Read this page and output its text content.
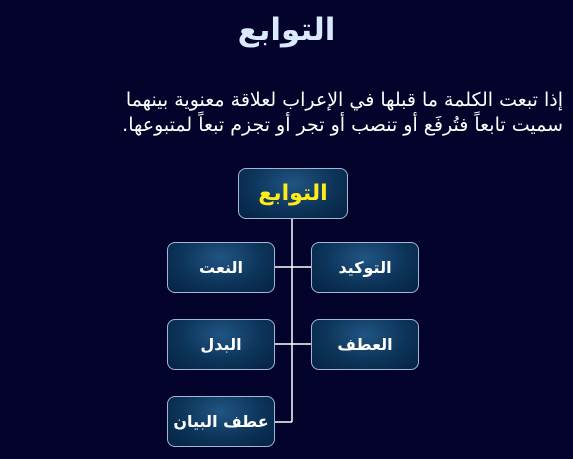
التوابع
إذا تبعت الكلمة ما قبلها في الإعراب لعلاقة معنوية بينهما
سميت تابعاً فتُرفَع أو تنصب أو تجر أو تجزم تبعاً لمتبوعها.
التوابع
التوكيد
النعت
العطف
البدل
عطف البيان
